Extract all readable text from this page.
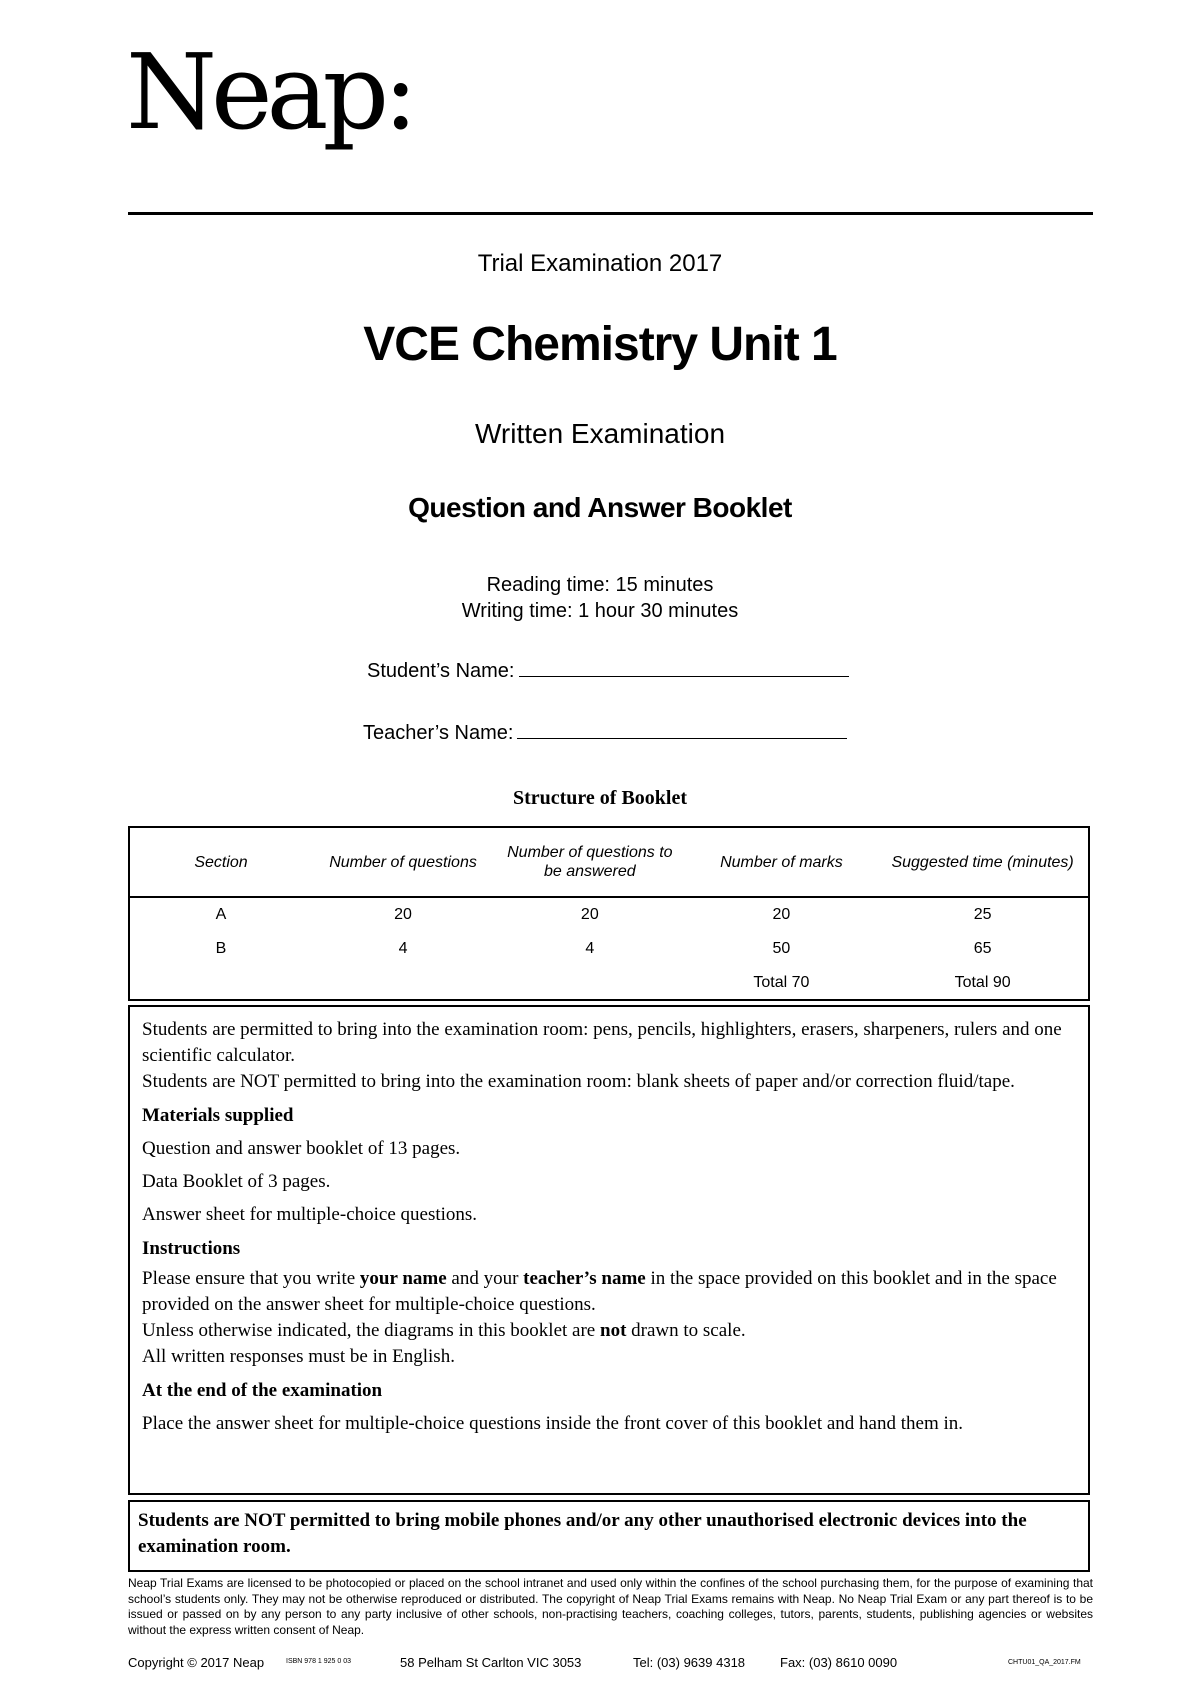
Neap:
Trial Examination 2017
VCE Chemistry Unit 1
Written Examination
Question and Answer Booklet
Reading time: 15 minutes
Writing time: 1 hour 30 minutes
Student’s Name:
Teacher’s Name:
Structure of Booklet
Section	Number of questions	Number of questions to be answered	Number of marks	Suggested time (minutes)
A	20	20	20	25
B	4	4	50	65
			Total 70	Total 90

Students are permitted to bring into the examination room: pens, pencils, highlighters, erasers, sharpeners, rulers and one scientific calculator.

Students are NOT permitted to bring into the examination room: blank sheets of paper and/or correction fluid/tape.

Materials supplied

Question and answer booklet of 13 pages.

Data Booklet of 3 pages.

Answer sheet for multiple-choice questions.

Instructions

Please ensure that you write your name and your teacher’s name in the space provided on this booklet and in the space provided on the answer sheet for multiple-choice questions.

Unless otherwise indicated, the diagrams in this booklet are not drawn to scale.

All written responses must be in English.

At the end of the examination

Place the answer sheet for multiple-choice questions inside the front cover of this booklet and hand them in.

Students are NOT permitted to bring mobile phones and/or any other unauthorised electronic devices into the examination room.
Neap Trial Exams are licensed to be photocopied or placed on the school intranet and used only within the confines of the school purchasing them, for the purpose of examining that school’s students only. They may not be otherwise reproduced or distributed. The copyright of Neap Trial Exams remains with Neap. No Neap Trial Exam or any part thereof is to be issued or passed on by any person to any party inclusive of other schools, non-practising teachers, coaching colleges, tutors, parents, students, publishing agencies or websites without the express written consent of Neap.
Copyright © 2017 Neap	ISBN 978 1 925 0 03	58 Pelham St Carlton VIC 3053	Tel: (03) 9639 4318	Fax: (03) 8610 0090	CHTU01_QA_2017.FM
